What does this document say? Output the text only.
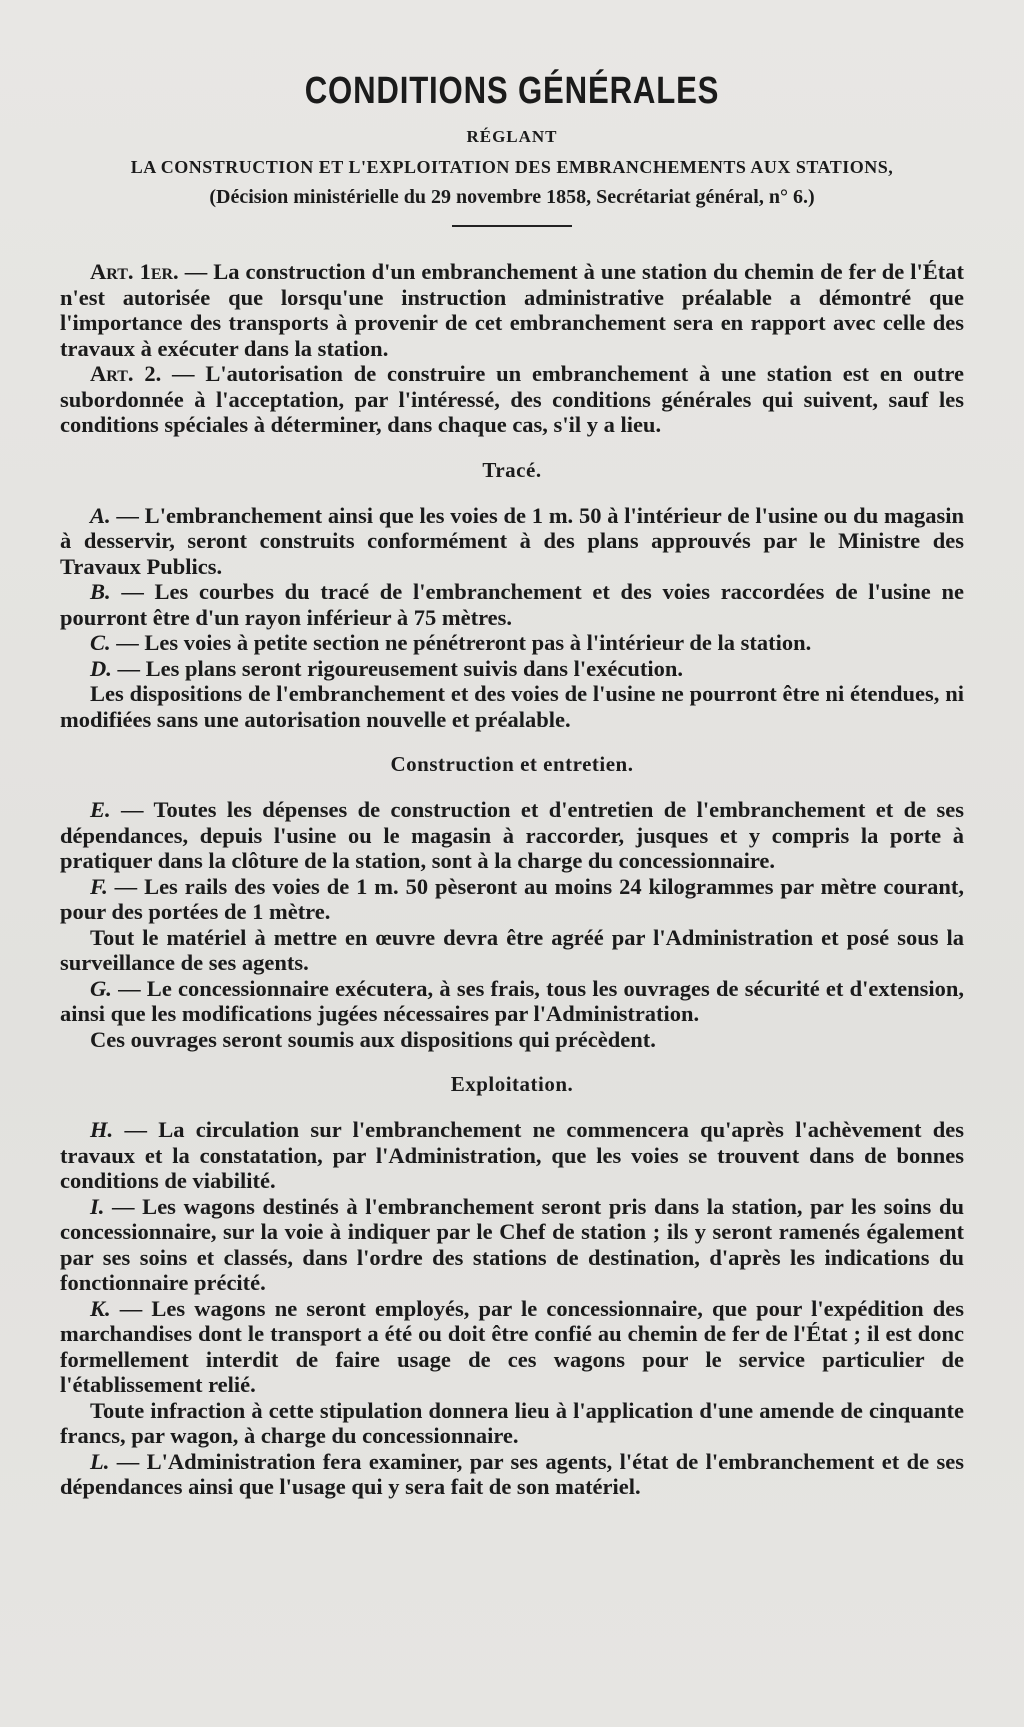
CONDITIONS GÉNÉRALES
RÉGLANT
LA CONSTRUCTION ET L'EXPLOITATION DES EMBRANCHEMENTS AUX STATIONS,
(Décision ministérielle du 29 novembre 1858, Secrétariat général, n° 6.)

Art. 1er. — La construction d'un embranchement à une station du chemin de fer de l'État n'est autorisée que lorsqu'une instruction administrative préalable a démontré que l'importance des transports à provenir de cet embranchement sera en rapport avec celle des travaux à exécuter dans la station.

Art. 2. — L'autorisation de construire un embranchement à une station est en outre subordonnée à l'acceptation, par l'intéressé, des conditions générales qui suivent, sauf les conditions spéciales à déterminer, dans chaque cas, s'il y a lieu.

Tracé.

A. — L'embranchement ainsi que les voies de 1 m. 50 à l'intérieur de l'usine ou du magasin à desservir, seront construits conformément à des plans approuvés par le Ministre des Travaux Publics.

B. — Les courbes du tracé de l'embranchement et des voies raccordées de l'usine ne pourront être d'un rayon inférieur à 75 mètres.

C. — Les voies à petite section ne pénétreront pas à l'intérieur de la station.

D. — Les plans seront rigoureusement suivis dans l'exécution.

Les dispositions de l'embranchement et des voies de l'usine ne pourront être ni étendues, ni modifiées sans une autorisation nouvelle et préalable.

Construction et entretien.

E. — Toutes les dépenses de construction et d'entretien de l'embranchement et de ses dépendances, depuis l'usine ou le magasin à raccorder, jusques et y compris la porte à pratiquer dans la clôture de la station, sont à la charge du concessionnaire.

F. — Les rails des voies de 1 m. 50 pèseront au moins 24 kilogrammes par mètre courant, pour des portées de 1 mètre.

Tout le matériel à mettre en œuvre devra être agréé par l'Administration et posé sous la surveillance de ses agents.

G. — Le concessionnaire exécutera, à ses frais, tous les ouvrages de sécurité et d'extension, ainsi que les modifications jugées nécessaires par l'Administration.

Ces ouvrages seront soumis aux dispositions qui précèdent.

Exploitation.

H. — La circulation sur l'embranchement ne commencera qu'après l'achèvement des travaux et la constatation, par l'Administration, que les voies se trouvent dans de bonnes conditions de viabilité.

I. — Les wagons destinés à l'embranchement seront pris dans la station, par les soins du concessionnaire, sur la voie à indiquer par le Chef de station ; ils y seront ramenés également par ses soins et classés, dans l'ordre des stations de destination, d'après les indications du fonctionnaire précité.

K. — Les wagons ne seront employés, par le concessionnaire, que pour l'expédition des marchandises dont le transport a été ou doit être confié au chemin de fer de l'État ; il est donc formellement interdit de faire usage de ces wagons pour le service particulier de l'établissement relié.

Toute infraction à cette stipulation donnera lieu à l'application d'une amende de cinquante francs, par wagon, à charge du concessionnaire.

L. — L'Administration fera examiner, par ses agents, l'état de l'embranchement et de ses dépendances ainsi que l'usage qui y sera fait de son matériel.
